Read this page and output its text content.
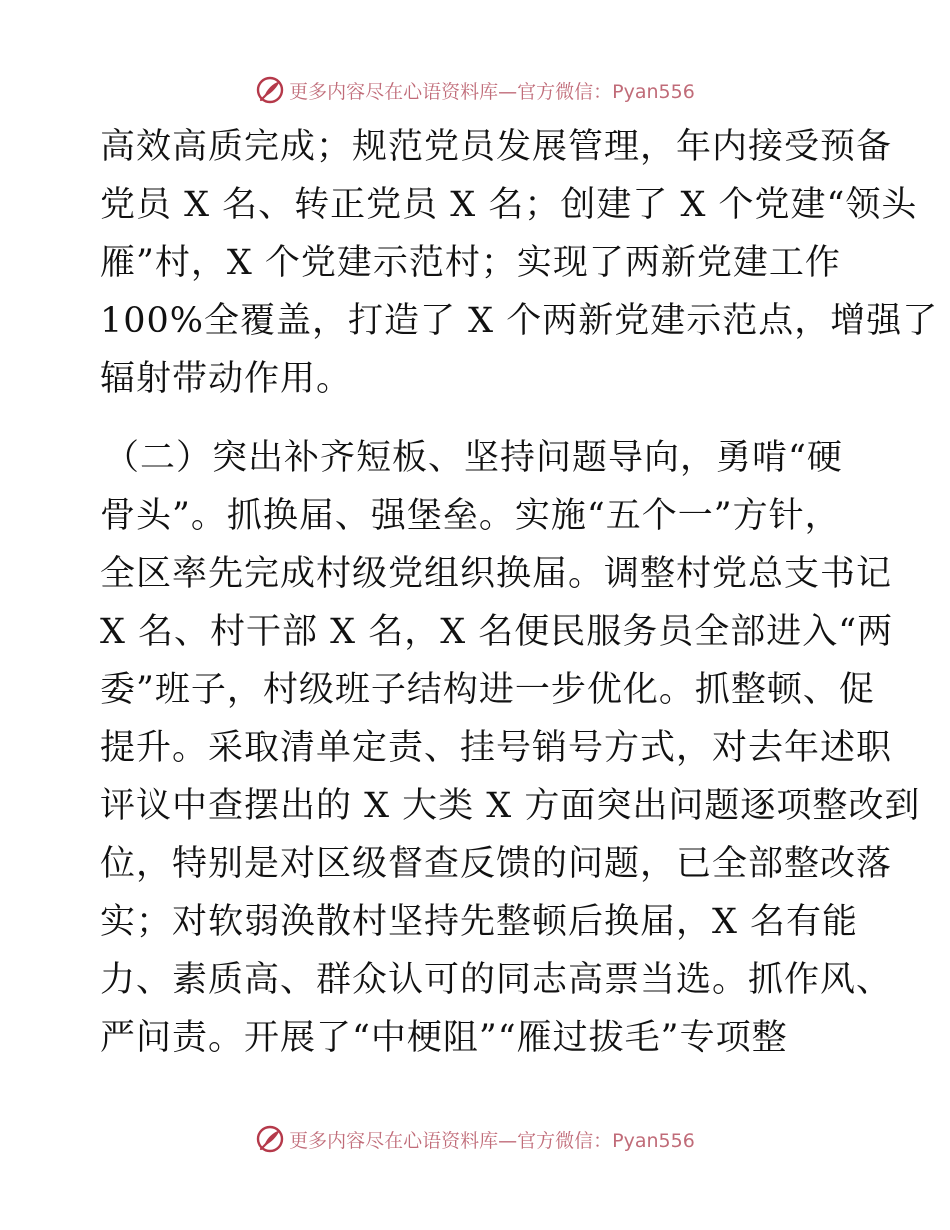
更多内容尽在心语资料库—官方微信：Pyan556
高效高质完成；规范党员发展管理，年内接受预备
党员 X 名、转正党员 X 名；创建了 X 个党建“领头
雁”村，X 个党建示范村；实现了两新党建工作
100%全覆盖，打造了 X 个两新党建示范点，增强了
辐射带动作用。
（二）突出补齐短板、坚持问题导向，勇啃“硬
骨头”。抓换届、强堡垒。实施“五个一”方针，
全区率先完成村级党组织换届。调整村党总支书记
X 名、村干部 X 名，X 名便民服务员全部进入“两
委”班子，村级班子结构进一步优化。抓整顿、促
提升。采取清单定责、挂号销号方式，对去年述职
评议中查摆出的 X 大类 X 方面突出问题逐项整改到
位，特别是对区级督查反馈的问题，已全部整改落
实；对软弱涣散村坚持先整顿后换届，X 名有能
力、素质高、群众认可的同志高票当选。抓作风、
严问责。开展了“中梗阻”“雁过拔毛”专项整
更多内容尽在心语资料库—官方微信：Pyan556
